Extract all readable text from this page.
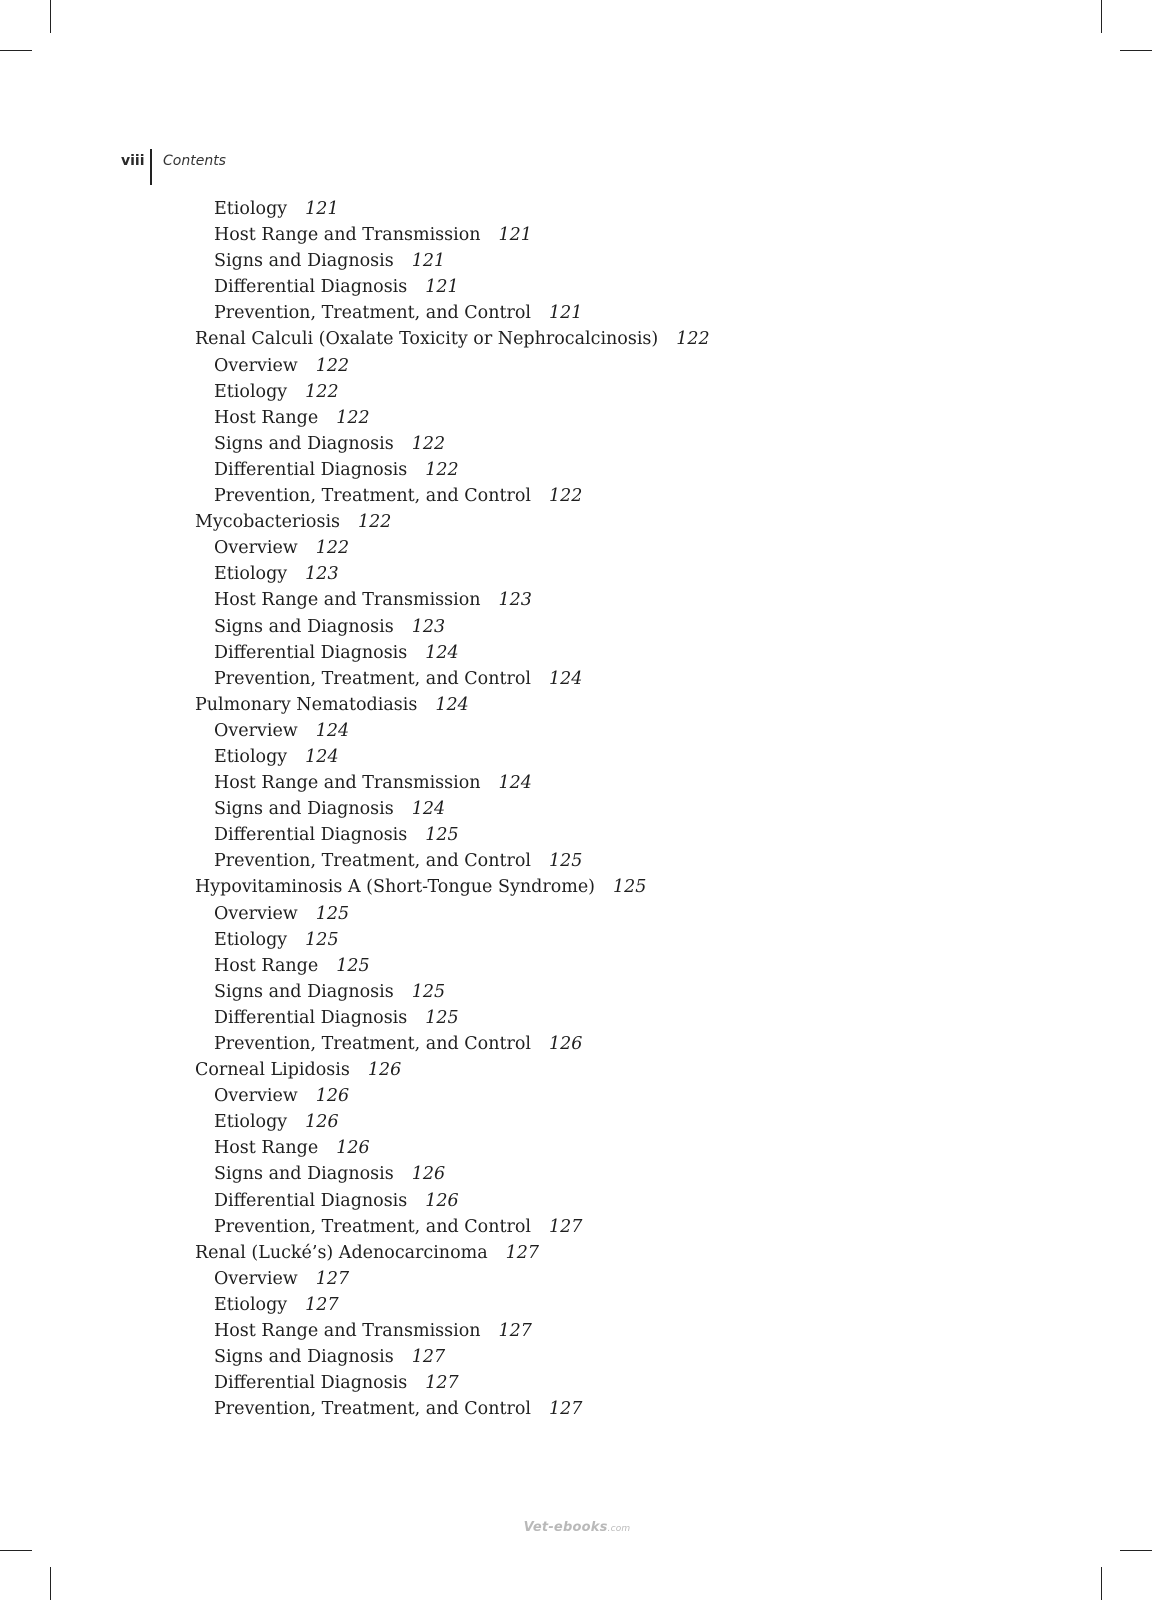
viii Contents
Etiology 121
Host Range and Transmission 121
Signs and Diagnosis 121
Differential Diagnosis 121
Prevention, Treatment, and Control 121
Renal Calculi (Oxalate Toxicity or Nephrocalcinosis) 122
Overview 122
Etiology 122
Host Range 122
Signs and Diagnosis 122
Differential Diagnosis 122
Prevention, Treatment, and Control 122
Mycobacteriosis 122
Overview 122
Etiology 123
Host Range and Transmission 123
Signs and Diagnosis 123
Differential Diagnosis 124
Prevention, Treatment, and Control 124
Pulmonary Nematodiasis 124
Overview 124
Etiology 124
Host Range and Transmission 124
Signs and Diagnosis 124
Differential Diagnosis 125
Prevention, Treatment, and Control 125
Hypovitaminosis A (Short-Tongue Syndrome) 125
Overview 125
Etiology 125
Host Range 125
Signs and Diagnosis 125
Differential Diagnosis 125
Prevention, Treatment, and Control 126
Corneal Lipidosis 126
Overview 126
Etiology 126
Host Range 126
Signs and Diagnosis 126
Differential Diagnosis 126
Prevention, Treatment, and Control 127
Renal (Lucké’s) Adenocarcinoma 127
Overview 127
Etiology 127
Host Range and Transmission 127
Signs and Diagnosis 127
Differential Diagnosis 127
Prevention, Treatment, and Control 127
Vet-ebooks.com
